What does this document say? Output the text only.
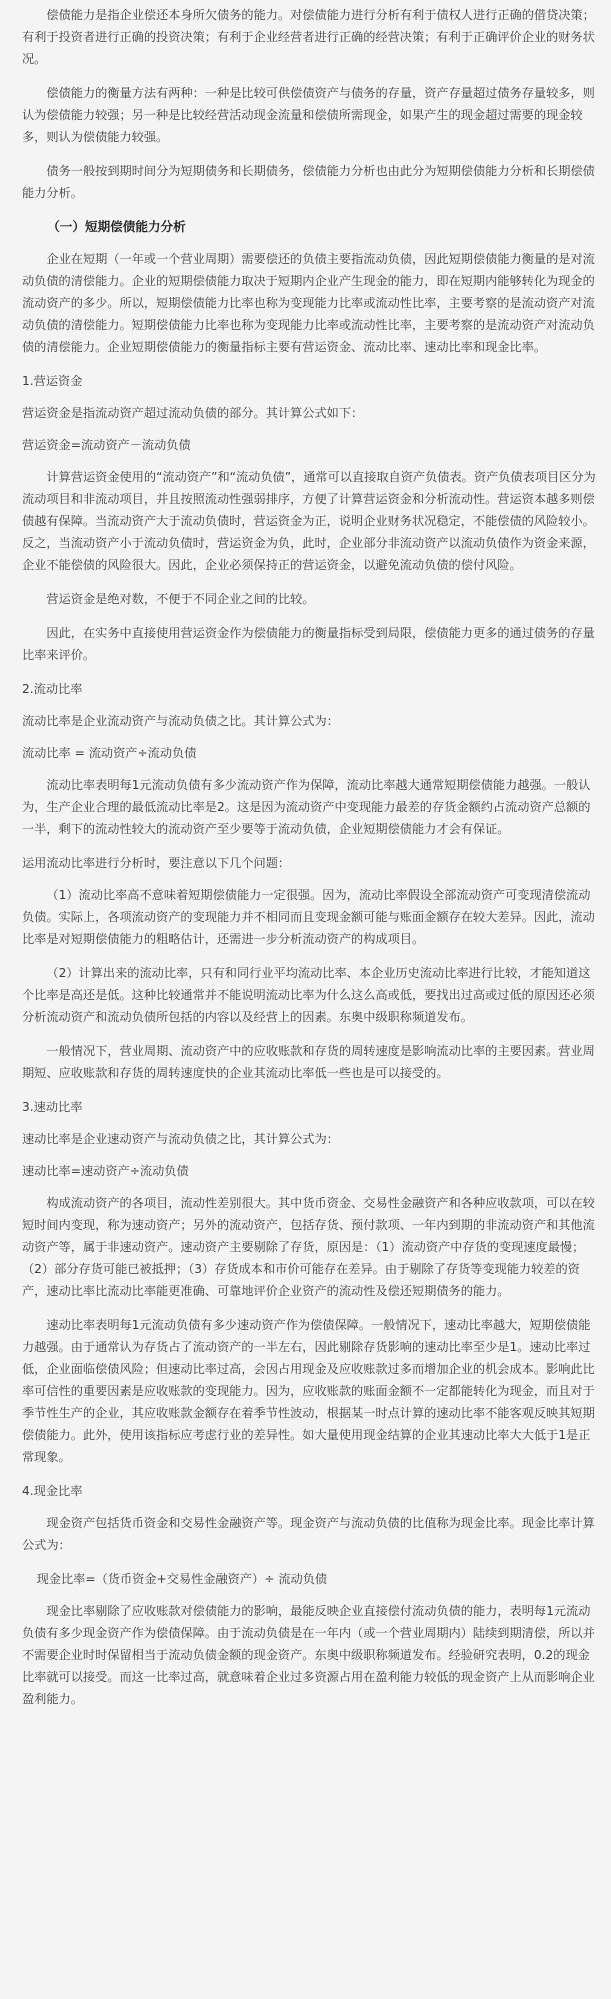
偿债能力是指企业偿还本身所欠债务的能力。对偿债能力进行分析有利于债权人进行正确的借贷决策；有利于投资者进行正确的投资决策；有利于企业经营者进行正确的经营决策；有利于正确评价企业的财务状况。

偿债能力的衡量方法有两种：一种是比较可供偿债资产与债务的存量，资产存量超过债务存量较多，则认为偿债能力较强；另一种是比较经营活动现金流量和偿债所需现金，如果产生的现金超过需要的现金较多，则认为偿债能力较强。

债务一般按到期时间分为短期债务和长期债务，偿债能力分析也由此分为短期偿债能力分析和长期偿债能力分析。

（一）短期偿债能力分析

企业在短期（一年或一个营业周期）需要偿还的负债主要指流动负债，因此短期偿债能力衡量的是对流动负债的清偿能力。企业的短期偿债能力取决于短期内企业产生现金的能力，即在短期内能够转化为现金的流动资产的多少。所以，短期偿债能力比率也称为变现能力比率或流动性比率，主要考察的是流动资产对流动负债的清偿能力。短期偿债能力比率也称为变现能力比率或流动性比率，主要考察的是流动资产对流动负债的清偿能力。企业短期偿债能力的衡量指标主要有营运资金、流动比率、速动比率和现金比率。

1.营运资金
营运资金是指流动资产超过流动负债的部分。其计算公式如下：
营运资金=流动资产－流动负债

计算营运资金使用的“流动资产”和“流动负债”，通常可以直接取自资产负债表。资产负债表项目区分为流动项目和非流动项目，并且按照流动性强弱排序，方便了计算营运资金和分析流动性。营运资本越多则偿债越有保障。当流动资产大于流动负债时，营运资金为正，说明企业财务状况稳定，不能偿债的风险较小。反之，当流动资产小于流动负债时，营运资金为负，此时，企业部分非流动资产以流动负债作为资金来源，企业不能偿债的风险很大。因此，企业必须保持正的营运资金，以避免流动负债的偿付风险。

营运资金是绝对数，不便于不同企业之间的比较。

因此，在实务中直接使用营运资金作为偿债能力的衡量指标受到局限，偿债能力更多的通过债务的存量比率来评价。

2.流动比率
流动比率是企业流动资产与流动负债之比。其计算公式为：
流动比率 = 流动资产÷流动负债

流动比率表明每1元流动负债有多少流动资产作为保障，流动比率越大通常短期偿债能力越强。一般认为，生产企业合理的最低流动比率是2。这是因为流动资产中变现能力最差的存货金额约占流动资产总额的一半，剩下的流动性较大的流动资产至少要等于流动负债，企业短期偿债能力才会有保证。

运用流动比率进行分析时，要注意以下几个问题：

（1）流动比率高不意味着短期偿债能力一定很强。因为，流动比率假设全部流动资产可变现清偿流动负债。实际上，各项流动资产的变现能力并不相同而且变现金额可能与账面金额存在较大差异。因此，流动比率是对短期偿债能力的粗略估计，还需进一步分析流动资产的构成项目。

（2）计算出来的流动比率，只有和同行业平均流动比率、本企业历史流动比率进行比较，才能知道这个比率是高还是低。这种比较通常并不能说明流动比率为什么这么高或低，要找出过高或过低的原因还必须分析流动资产和流动负债所包括的内容以及经营上的因素。东奥中级职称频道发布。

一般情况下，营业周期、流动资产中的应收账款和存货的周转速度是影响流动比率的主要因素。营业周期短、应收账款和存货的周转速度快的企业其流动比率低一些也是可以接受的。

3.速动比率
速动比率是企业速动资产与流动负债之比，其计算公式为：
速动比率=速动资产÷流动负债

构成流动资产的各项目，流动性差别很大。其中货币资金、交易性金融资产和各种应收款项，可以在较短时间内变现，称为速动资产；另外的流动资产，包括存货、预付款项、一年内到期的非流动资产和其他流动资产等，属于非速动资产。速动资产主要剔除了存货，原因是：（1）流动资产中存货的变现速度最慢；（2）部分存货可能已被抵押；（3）存货成本和市价可能存在差异。由于剔除了存货等变现能力较差的资产，速动比率比流动比率能更准确、可靠地评价企业资产的流动性及偿还短期债务的能力。

速动比率表明每1元流动负债有多少速动资产作为偿债保障。一般情况下，速动比率越大，短期偿债能力越强。由于通常认为存货占了流动资产的一半左右，因此剔除存货影响的速动比率至少是1。速动比率过低，企业面临偿债风险；但速动比率过高，会因占用现金及应收账款过多而增加企业的机会成本。影响此比率可信性的重要因素是应收账款的变现能力。因为，应收账款的账面金额不一定都能转化为现金，而且对于季节性生产的企业，其应收账款金额存在着季节性波动，根据某一时点计算的速动比率不能客观反映其短期偿债能力。此外，使用该指标应考虑行业的差异性。如大量使用现金结算的企业其速动比率大大低于1是正常现象。

4.现金比率

现金资产包括货币资金和交易性金融资产等。现金资产与流动负债的比值称为现金比率。现金比率计算公式为：

现金比率=（货币资金+交易性金融资产）÷ 流动负债

现金比率剔除了应收账款对偿债能力的影响，最能反映企业直接偿付流动负债的能力，表明每1元流动负债有多少现金资产作为偿债保障。由于流动负债是在一年内（或一个营业周期内）陆续到期清偿，所以并不需要企业时时保留相当于流动负债金额的现金资产。东奥中级职称频道发布。经验研究表明，0.2的现金比率就可以接受。而这一比率过高，就意味着企业过多资源占用在盈利能力较低的现金资产上从而影响企业盈利能力。
